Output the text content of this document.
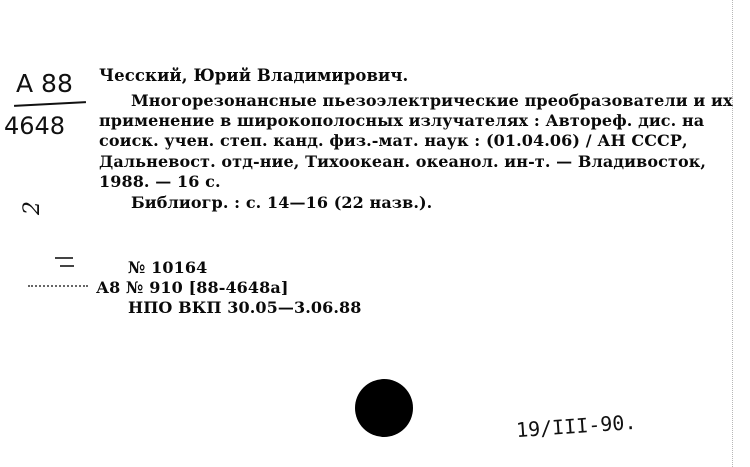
А 88
4648
2
Чесский, Юрий Владимирович.
Многорезонансные пьезоэлектрические преобразователи и их
применение в широкополосных излучателях : Автореф. дис. на
соиск. учен. степ. канд. физ.-мат. наук : (01.04.06) / АН СССР,
Дальневост. отд-ние, Тихоокеан. океанол. ин-т. — Владивосток,
1988. — 16 с.
Библиогр. : с. 14—16 (22 назв.).
№ 10164
А8 № 910 [88-4648а]
НПО ВКП 30.05—3.06.88
19/III-90.
